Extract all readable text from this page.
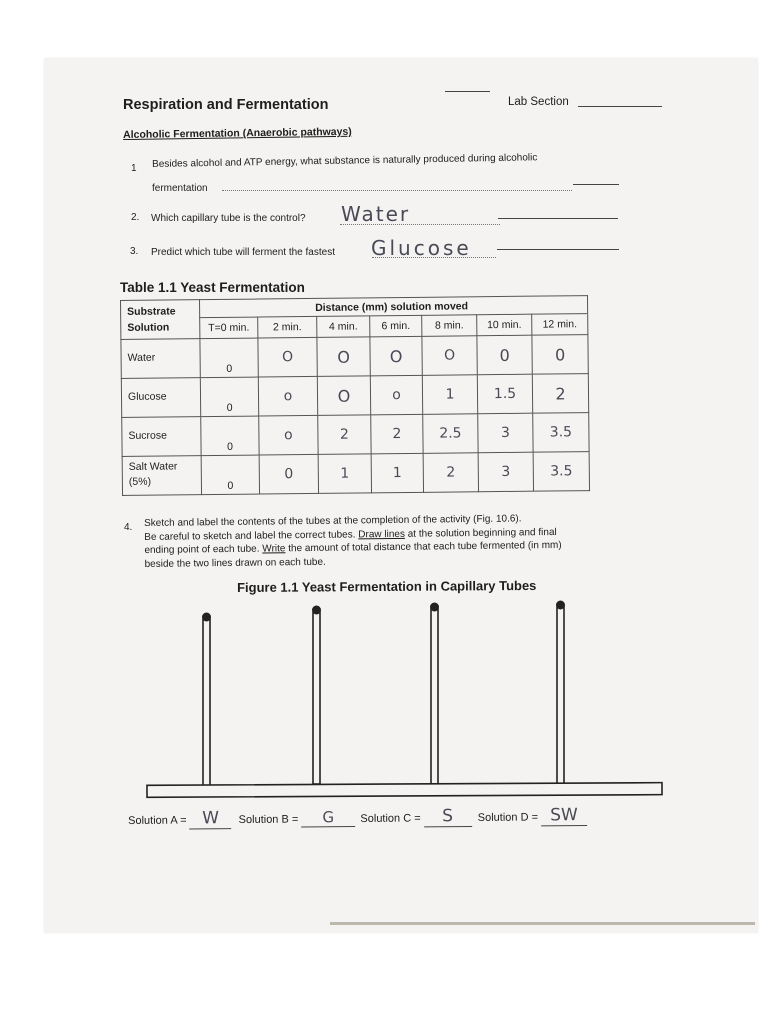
Respiration and Fermentation	Lab Section
Alcoholic Fermentation (Anaerobic pathways)
1 Besides alcohol and ATP energy, what substance is naturally produced during alcoholic
fermentation
2. Which capillary tube is the control? Water
3. Predict which tube will ferment the fastest Glucose
Table 1.1 Yeast Fermentation
Substrate
Solution	Distance (mm) solution moved						
	T=0 min.	2 min.	4 min.	6 min.	8 min.	10 min.	12 min.
Water	0	O	O	O	O	0	0
Glucose	0	o	O	o	1	1.5	2
Sucrose	0	o	2	2	2.5	3	3.5
Salt Water
(5%)	0	0	1	1	2	3	3.5
4. Sketch and label the contents of the tubes at the completion of the activity (Fig. 10.6).
Be careful to sketch and label the correct tubes. Draw lines at the solution beginning and final
ending point of each tube. Write the amount of total distance that each tube fermented (in mm)
beside the two lines drawn on each tube.
Figure 1.1 Yeast Fermentation in Capillary Tubes
Solution A = W Solution B = G Solution C = S Solution D = SW
